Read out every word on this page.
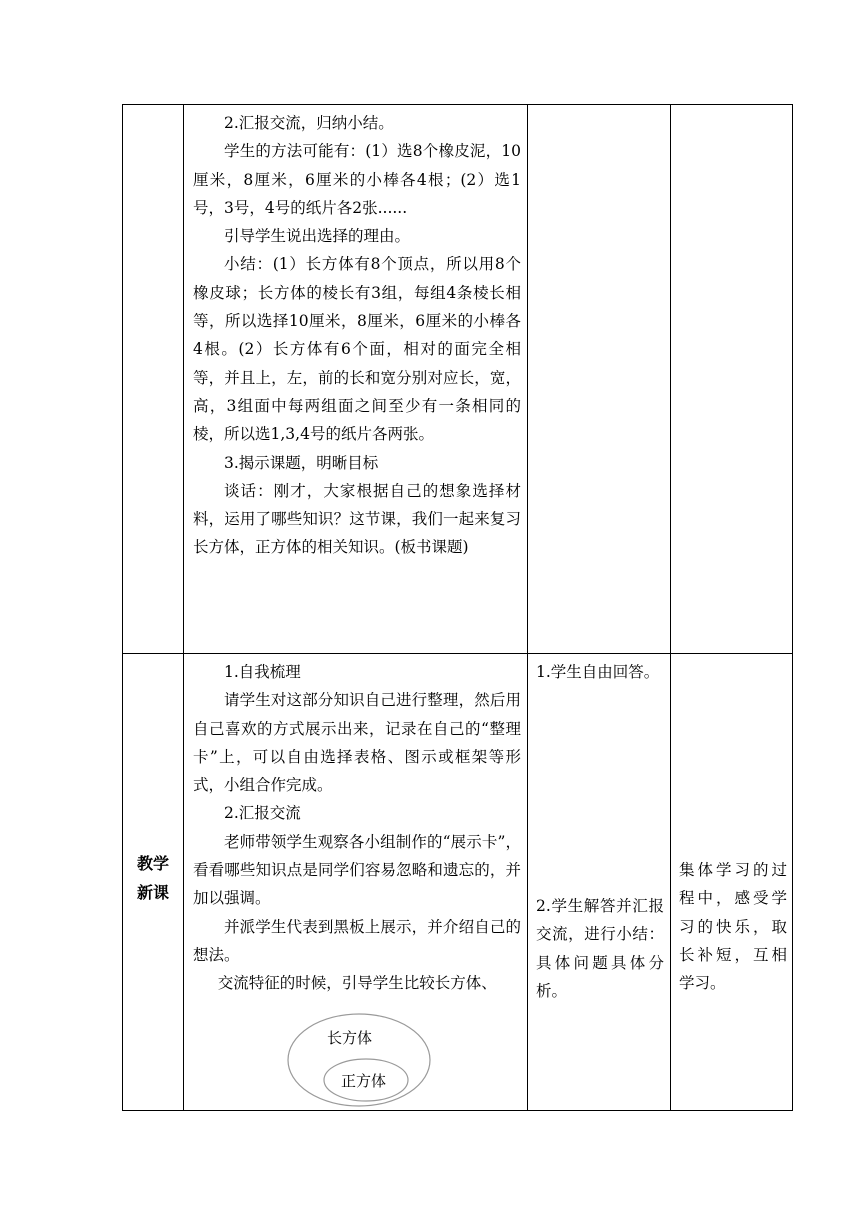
2.汇报交流，归纳小结。

学生的方法可能有：(1）选8个橡皮泥，10厘米，8厘米，6厘米的小棒各4根；(2）选1号，3号，4号的纸片各2张......

引导学生说出选择的理由。

小结：(1）长方体有8个顶点，所以用8个橡皮球；长方体的棱长有3组，每组4条棱长相等，所以选择10厘米，8厘米，6厘米的小棒各4根。(2）长方体有6个面，相对的面完全相等，并且上，左，前的长和宽分别对应长，宽，高，3组面中每两组面之间至少有一条相同的棱，所以选1,3,4号的纸片各两张。

3.揭示课题，明晰目标

谈话：刚才，大家根据自己的想象选择材料，运用了哪些知识？这节课，我们一起来复习长方体，正方体的相关知识。(板书课题)

教学
新课

1.自我梳理

请学生对这部分知识自己进行整理，然后用自己喜欢的方式展示出来，记录在自己的“整理卡”上，可以自由选择表格、图示或框架等形式，小组合作完成。

2.汇报交流

老师带领学生观察各小组制作的“展示卡”，看看哪些知识点是同学们容易忽略和遗忘的，并加以强调。

并派学生代表到黑板上展示，并介绍自己的想法。

交流特征的时候，引导学生比较长方体、

长方体
正方体

1.学生自由回答。

2.学生解答并汇报交流，进行小结：具体问题具体分析。

集体学习的过程中，感受学习的快乐，取长补短，互相学习。
